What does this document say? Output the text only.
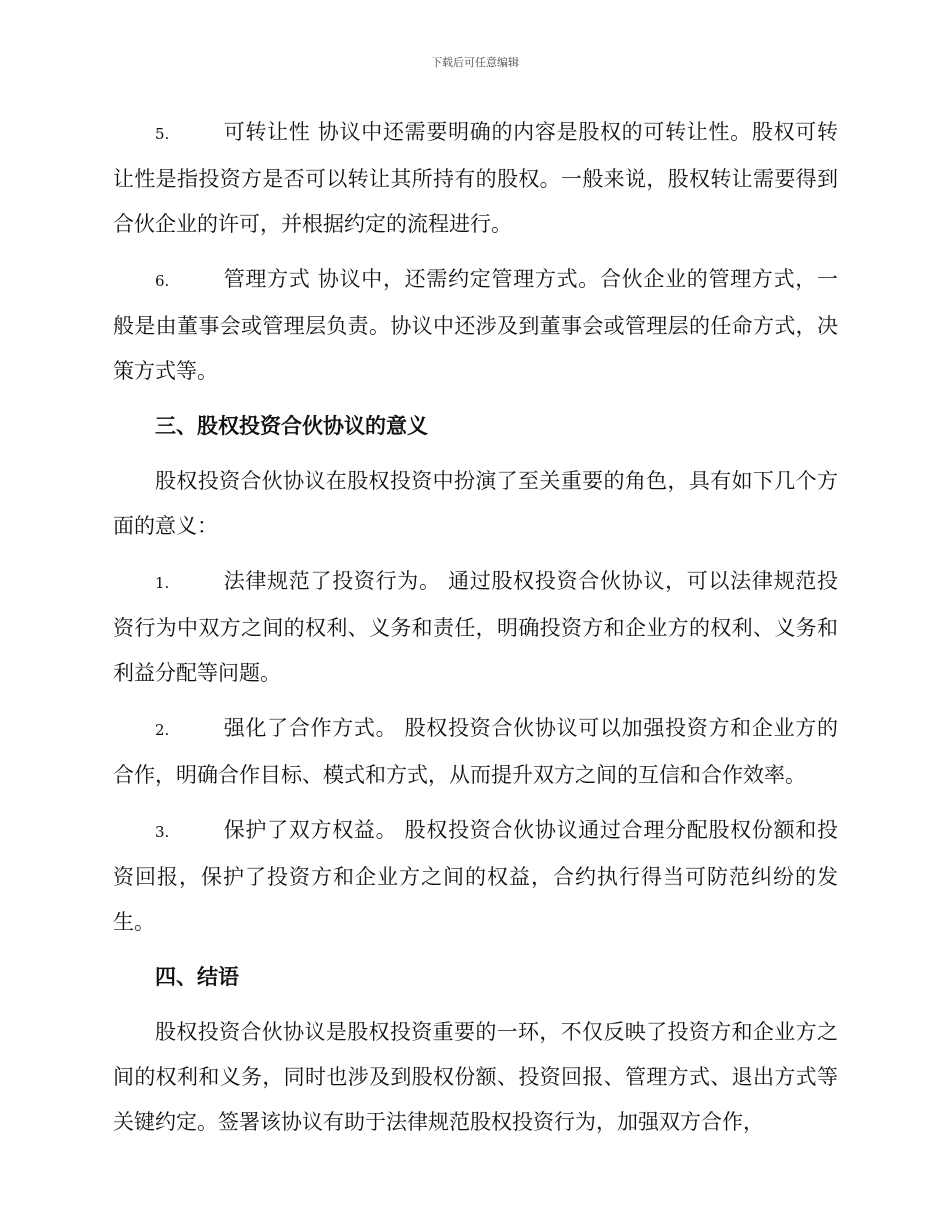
下载后可任意编辑

5.	可转让性 协议中还需要明确的内容是股权的可转让性。股权可转让性是指投资方是否可以转让其所持有的股权。一般来说，股权转让需要得到合伙企业的许可，并根据约定的流程进行。

6.	管理方式 协议中，还需约定管理方式。合伙企业的管理方式，一般是由董事会或管理层负责。协议中还涉及到董事会或管理层的任命方式，决策方式等。

三、股权投资合伙协议的意义

股权投资合伙协议在股权投资中扮演了至关重要的角色，具有如下几个方面的意义：

1.	法律规范了投资行为。 通过股权投资合伙协议，可以法律规范投资行为中双方之间的权利、义务和责任，明确投资方和企业方的权利、义务和利益分配等问题。

2.	强化了合作方式。 股权投资合伙协议可以加强投资方和企业方的合作，明确合作目标、模式和方式，从而提升双方之间的互信和合作效率。

3.	保护了双方权益。 股权投资合伙协议通过合理分配股权份额和投资回报，保护了投资方和企业方之间的权益，合约执行得当可防范纠纷的发生。

四、结语

股权投资合伙协议是股权投资重要的一环，不仅反映了投资方和企业方之间的权利和义务，同时也涉及到股权份额、投资回报、管理方式、退出方式等关键约定。签署该协议有助于法律规范股权投资行为，加强双方合作，
